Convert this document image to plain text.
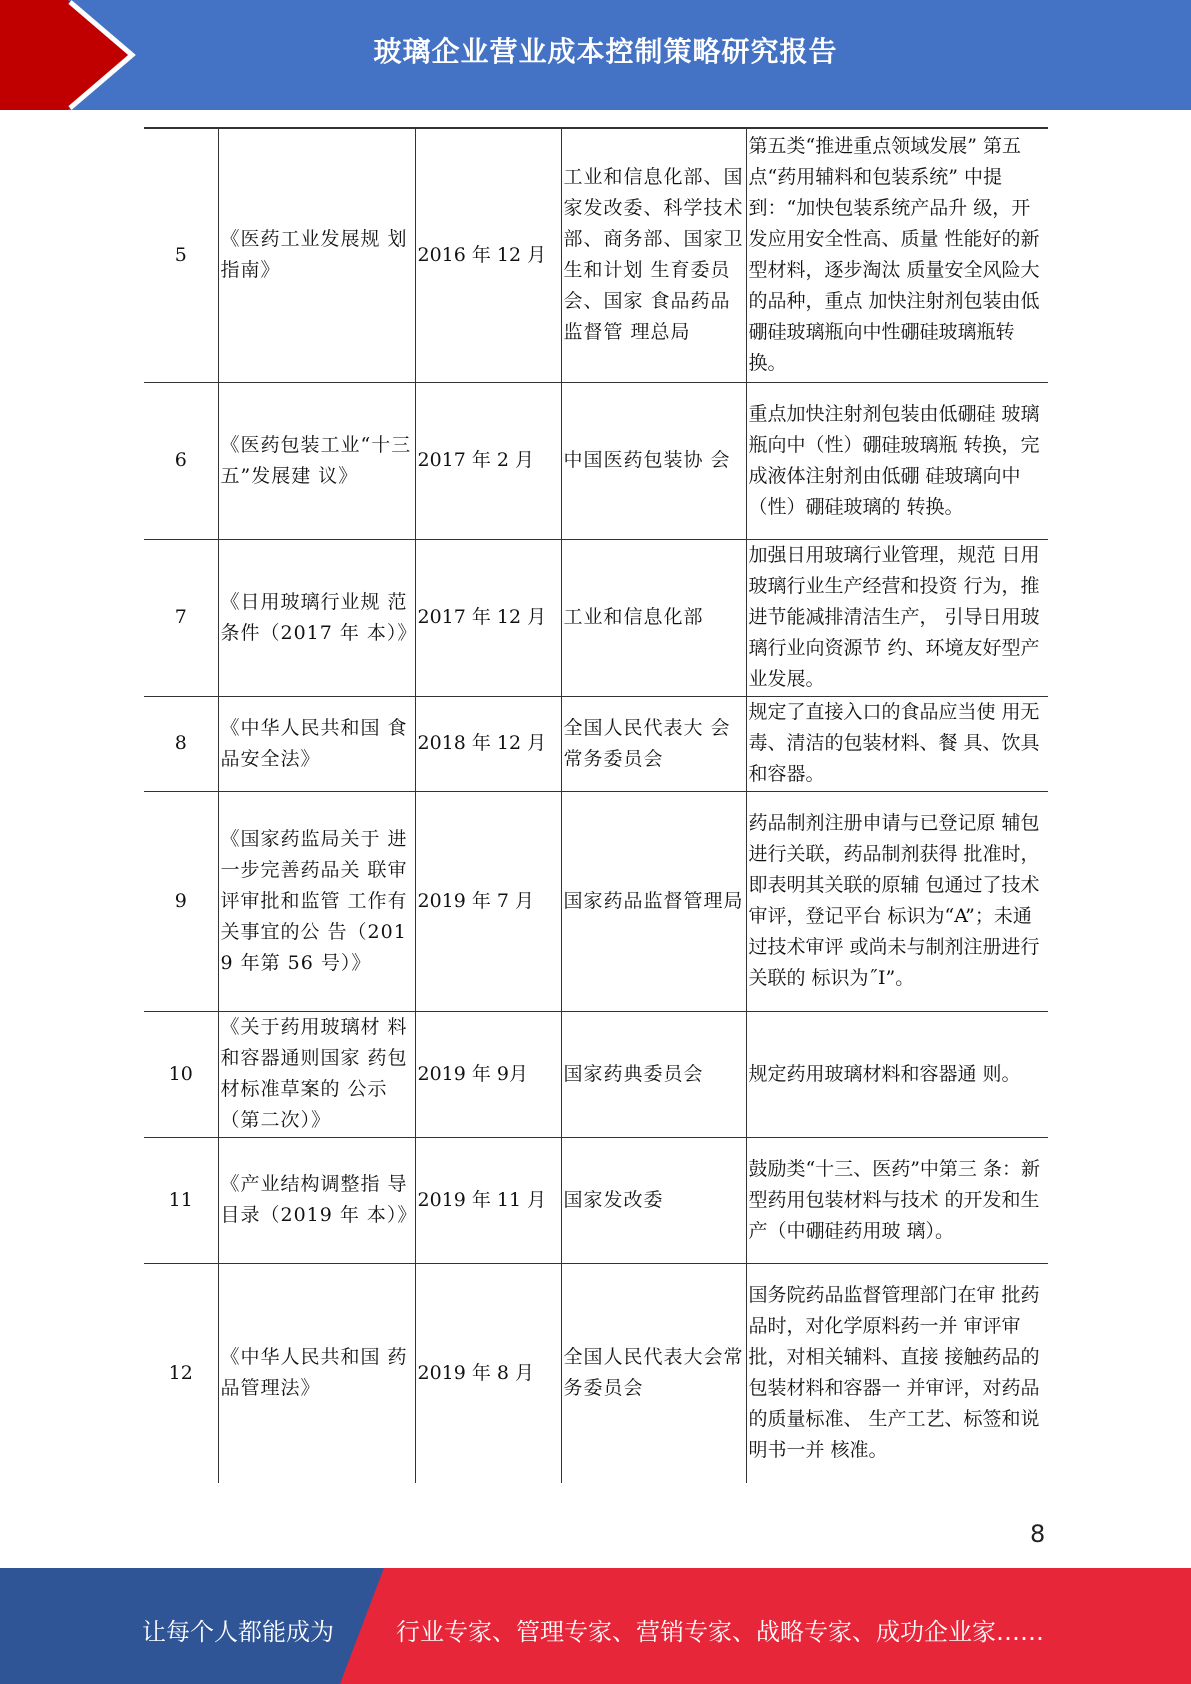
玻璃企业营业成本控制策略研究报告
5	《医药工业发展规 划指南》	2016 年 12 月	工业和信息化部、国家发改委、科学技术部、商务部、国家卫生和计划 生育委员会、国家 食品药品监督管 理总局	第五类“推进重点领域发展” 第五点“药用辅料和包装系统” 中提到：“加快包装系统产品升 级，开发应用安全性高、质量 性能好的新型材料，逐步淘汰 质量安全风险大的品种，重点 加快注射剂包装由低硼硅玻璃瓶向中性硼硅玻璃瓶转换。
6	《医药包装工业“十三五”发展建 议》	2017 年 2 月	中国医药包装协 会	重点加快注射剂包装由低硼硅 玻璃瓶向中（性）硼硅玻璃瓶 转换，完成液体注射剂由低硼 硅玻璃向中（性）硼硅玻璃的 转换。
7	《日用玻璃行业规 范条件（2017 年 本）》	2017 年 12 月	工业和信息化部	加强日用玻璃行业管理，规范 日用玻璃行业生产经营和投资 行为，推进节能减排清洁生产， 引导日用玻璃行业向资源节 约、环境友好型产业发展。
8	《中华人民共和国 食品安全法》	2018 年 12 月	全国人民代表大 会常务委员会	规定了直接入口的食品应当使 用无毒、清洁的包装材料、餐 具、饮具和容器。
9	《国家药监局关于 进一步完善药品关 联审评审批和监管 工作有关事宜的公 告（2019 年第 56 号）》	2019 年 7 月	国家药品监督管理局	药品制剂注册申请与已登记原 辅包进行关联，药品制剂获得 批准时，即表明其关联的原辅 包通过了技术审评，登记平台 标识为“A”；未通过技术审评 或尚未与制剂注册进行关联的 标识为˝I”。
10	《关于药用玻璃材 料和容器通则国家 药包材标准草案的 公示（第二次）》	2019 年 9月	国家药典委员会	规定药用玻璃材料和容器通 则。
11	《产业结构调整指 导目录（2019 年 本）》	2019 年 11 月	国家发改委	鼓励类“十三、医药”中第三 条：新型药用包装材料与技术 的开发和生产（中硼硅药用玻 璃）。
12	《中华人民共和国 药品管理法》	2019 年 8 月	全国人民代表大会常务委员会	国务院药品监督管理部门在审 批药品时，对化学原料药一并 审评审批，对相关辅料、直接 接触药品的包装材料和容器一 并审评，对药品的质量标准、 生产工艺、标签和说明书一并 核准。
8
让每个人都能成为	行业专家、管理专家、营销专家、战略专家、成功企业家……
